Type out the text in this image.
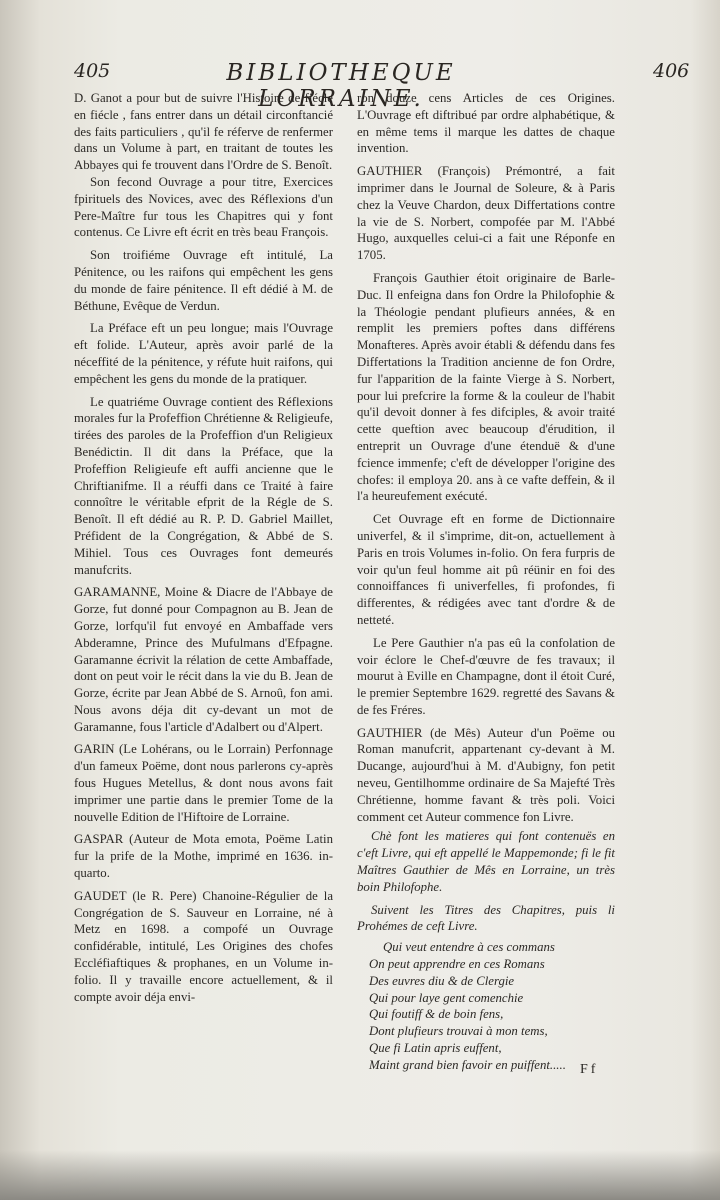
405	BIBLIOTHEQUE LORRAINE.
406

D. Ganot a pour but de suivre l'Histoire de fiécle en fiécle , fans entrer dans un détail circonftancié des faits particuliers , qu'il fe réferve de renfermer dans un Volume à part, en traitant de toutes les Abbayes qui fe trouvent dans l'Ordre de S. Benoît.

Son fecond Ouvrage a pour titre, Exercices fpirituels des Novices, avec des Réflexions d'un Pere-Maître fur tous les Chapitres qui y font contenus. Ce Livre eft écrit en très beau François.

Son troifiéme Ouvrage eft intitulé, La Pénitence, ou les raifons qui empêchent les gens du monde de faire pénitence. Il eft dédié à M. de Béthune, Evêque de Verdun.

La Préface eft un peu longue; mais l'Ouvrage eft folide. L'Auteur, après avoir parlé de la néceffité de la pénitence, y réfute huit raifons, qui empêchent les gens du monde de la pratiquer.

Le quatriéme Ouvrage contient des Réflexions morales fur la Profeffion Chrétienne & Religieufe, tirées des paroles de la Profeffion d'un Religieux Benédictin. Il dit dans la Préface, que la Profeffion Religieufe eft auffi ancienne que le Chriftianifme. Il a réuffi dans ce Traité à faire connoître le véritable efprit de la Régle de S. Benoît. Il eft dédié au R. P. D. Gabriel Maillet, Préfident de la Congrégation, & Abbé de S. Mihiel. Tous ces Ouvrages font demeurés manufcrits.

GARAMANNE, Moine & Diacre de l'Abbaye de Gorze, fut donné pour Compagnon au B. Jean de Gorze, lorfqu'il fut envoyé en Ambaffade vers Abderamne, Prince des Mufulmans d'Efpagne. Garamanne écrivit la rélation de cette Ambaffade, dont on peut voir le récit dans la vie du B. Jean de Gorze, écrite par Jean Abbé de S. Arnoû, fon ami. Nous avons déja dit cy-devant un mot de Garamanne, fous l'article d'Adalbert ou d'Alpert.

GARIN (Le Lohérans, ou le Lorrain) Perfonnage d'un fameux Poëme, dont nous parlerons cy-après fous Hugues Metellus, & dont nous avons fait imprimer une partie dans le premier Tome de la nouvelle Edition de l'Hiftoire de Lorraine.

GASPAR (Auteur de Mota emota, Poëme Latin fur la prife de la Mothe, imprimé en 1636. in-quarto.

GAUDET (le R. Pere) Chanoine-Régulier de la Congrégation de S. Sauveur en Lorraine, né à Metz en 1698. a compofé un Ouvrage confidérable, intitulé, Les Origines des chofes Eccléfiaftiques & prophanes, en un Volume in-folio. Il y travaille encore actuellement, & il compte avoir déja envi-

ron douze cens Articles de ces Origines. L'Ouvrage eft diftribué par ordre alphabétique, & en même tems il marque les dattes de chaque invention.

GAUTHIER (François) Prémontré, a fait imprimer dans le Journal de Soleure, & à Paris chez la Veuve Chardon, deux Differtations contre la vie de S. Norbert, compofée par M. l'Abbé Hugo, auxquelles celui-ci a fait une Réponfe en 1705.

François Gauthier étoit originaire de Barle-Duc. Il enfeigna dans fon Ordre la Philofophie & la Théologie pendant plufieurs années, & en remplit les premiers poftes dans différens Monafteres. Après avoir établi & défendu dans fes Differtations la Tradition ancienne de fon Ordre, fur l'apparition de la fainte Vierge à S. Norbert, pour lui prefcrire la forme & la couleur de l'habit qu'il devoit donner à fes difciples, & avoir traité cette queftion avec beaucoup d'érudition, il entreprit un Ouvrage d'une étenduë & d'une fcience immenfe; c'eft de développer l'origine des chofes: il employa 20. ans à ce vafte deffein, & il l'a heureufement exécuté.

Cet Ouvrage eft en forme de Dictionnaire univerfel, & il s'imprime, dit-on, actuellement à Paris en trois Volumes in-folio. On fera furpris de voir qu'un feul homme ait pû réünir en foi des connoiffances fi univerfelles, fi profondes, fi differentes, & rédigées avec tant d'ordre & de netteté.

Le Pere Gauthier n'a pas eû la confolation de voir éclore le Chef-d'œuvre de fes travaux; il mourut à Eville en Champagne, dont il étoit Curé, le premier Septembre 1629. regretté des Savans & de fes Fréres.

GAUTHIER (de Mês) Auteur d'un Poëme ou Roman manufcrit, appartenant cy-devant à M. Ducange, aujourd'hui à M. d'Aubigny, fon petit neveu, Gentilhomme ordinaire de Sa Majefté Très Chrétienne, homme favant & très poli. Voici comment cet Auteur commence fon Livre.

Chè font les matieres qui font contenuës en c'eft Livre, qui eft appellé le Mappemonde; fi le fit Maîtres Gauthier de Mês en Lorraine, un très boin Philofophe.

Suivent les Titres des Chapitres, puis li Prohémes de ceft Livre.

Qui veut entendre à ces commans

On peut apprendre en ces Romans

Des euvres diu & de Clergie

Qui pour laye gent comenchie

Qui foutiff & de boin fens,

Dont plufieurs trouvai à mon tems,

Que fi Latin apris euffent,

Maint grand bien favoir en puiffent.....	Ff
